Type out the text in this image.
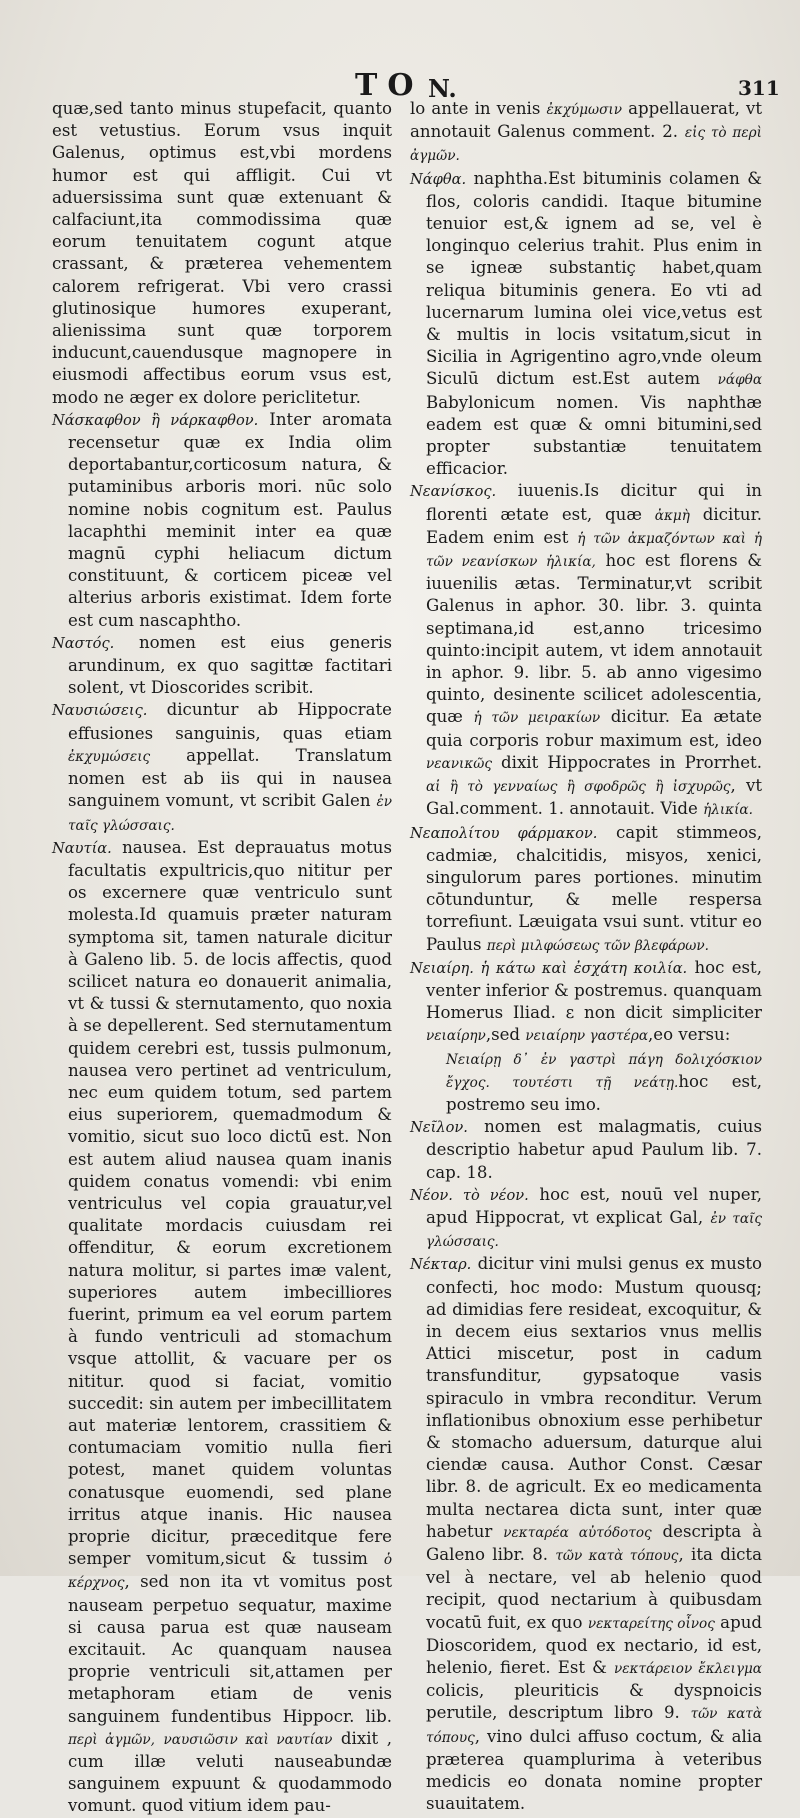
TO N.	311

quæ,sed tanto minus stupefacit, quanto est vetustius. Eorum vsus inquit Galenus, optimus est,vbi mordens humor est qui affligit. Cui vt aduersissima sunt quæ extenuant & calfaciunt,ita commodissima quæ eorum tenuitatem cogunt atque crassant, & præterea vehementem calorem refrigerat. Vbi vero crassi glutinosique humores exuperant, alienissima sunt quæ torporem inducunt,cauendusque magnopere in eiusmodi affectibus eorum vsus est, modo ne æger ex dolore periclitetur.

Νάσκαφθον ἢ νάρκαφθον. Inter aromata recensetur quæ ex India olim deportabantur,corticosum natura, & putaminibus arboris mori. nūc solo nomine nobis cognitum est. Paulus lacaphthi meminit inter ea quæ magnū cyphi heliacum dictum constituunt, & corticem piceæ vel alterius arboris existimat. Idem forte est cum nascaphtho.

Ναστός. nomen est eius generis arundinum, ex quo sagittæ factitari solent, vt Dioscorides scribit.

Ναυσιώσεις. dicuntur ab Hippocrate effusiones sanguinis, quas etiam ἐκχυμώσεις appellat. Translatum nomen est ab iis qui in nausea sanguinem vomunt, vt scribit Galen ἐν ταῖς γλώσσαις.

Ναυτία. nausea. Est deprauatus motus facultatis expultricis,quo nititur per os excernere quæ ventriculo sunt molesta.Id quamuis præter naturam symptoma sit, tamen naturale dicitur à Galeno lib. 5. de locis affectis, quod scilicet natura eo donauerit animalia, vt & tussi & sternutamento, quo noxia à se depellerent. Sed sternutamentum quidem cerebri est, tussis pulmonum, nausea vero pertinet ad ventriculum, nec eum quidem totum, sed partem eius superiorem, quemadmodum & vomitio, sicut suo loco dictū est. Non est autem aliud nausea quam inanis quidem conatus vomendi: vbi enim ventriculus vel copia grauatur,vel qualitate mordacis cuiusdam rei offenditur, & eorum excretionem natura molitur, si partes imæ valent, superiores autem imbecilliores fuerint, primum ea vel eorum partem à fundo ventriculi ad stomachum vsque attollit, & vacuare per os nititur. quod si faciat, vomitio succedit: sin autem per imbecillitatem aut materiæ lentorem, crassitiem & contumaciam vomitio nulla fieri potest, manet quidem voluntas conatusque euomendi, sed plane irritus atque inanis. Hic nausea proprie dicitur, præceditque fere semper vomitum,sicut & tussim ὁ κέρχνος, sed non ita vt vomitus post nauseam perpetuo sequatur, maxime si causa parua est quæ nauseam excitauit. Ac quanquam nausea proprie ventriculi sit,attamen per metaphoram etiam de venis sanguinem fundentibus Hippocr. lib. περὶ ἀγμῶν, ναυσιῶσιν καὶ ναυτίαν dixit , cum illæ veluti nauseabundæ sanguinem expuunt & quodammodo vomunt. quod vitium idem pau-

lo ante in venis ἐκχύμωσιν appellauerat, vt annotauit Galenus comment. 2. εἰς τὸ περὶ ἀγμῶν.

Νάφθα. naphtha.Est bituminis colamen & flos, coloris candidi. Itaque bitumine tenuior est,& ignem ad se, vel è longinquo celerius trahit. Plus enim in se igneæ substantiç habet,quam reliqua bituminis genera. Eo vti ad lucernarum lumina olei vice,vetus est & multis in locis vsitatum,sicut in Sicilia in Agrigentino agro,vnde oleum Siculū dictum est.Est autem νάφθα Babylonicum nomen. Vis naphthæ eadem est quæ & omni bitumini,sed propter substantiæ tenuitatem efficacior.

Νεανίσκος. iuuenis.Is dicitur qui in florenti ætate est, quæ ἀκμὴ dicitur. Eadem enim est ἡ τῶν ἀκμαζόντων καὶ ἡ τῶν νεανίσκων ἡλικία, hoc est florens & iuuenilis ætas. Terminatur,vt scribit Galenus in aphor. 30. libr. 3. quinta septimana,id est,anno tricesimo quinto:incipit autem, vt idem annotauit in aphor. 9. libr. 5. ab anno vigesimo quinto, desinente scilicet adolescentia, quæ ἡ τῶν μειρακίων dicitur. Ea ætate quia corporis robur maximum est, ideo νεανικῶς dixit Hippocrates in Prorrhet. αἱ ἢ τὸ γενναίως ἢ σφοδρῶς ἢ ἰσχυρῶς, vt Gal.comment. 1. annotauit. Vide ἡλικία.

Νεαπολίτου φάρμακον. capit stimmeos, cadmiæ, chalcitidis, misyos, xenici, singulorum pares portiones. minutim cōtunduntur, & melle respersa torrefiunt. Læuigata vsui sunt. vtitur eo Paulus περὶ μιλφώσεως τῶν βλεφάρων.

Νειαίρη. ἡ κάτω καὶ ἐσχάτη κοιλία. hoc est, venter inferior & postremus. quanquam Homerus Iliad. ε non dicit simpliciter νειαίρην,sed νειαίρην γαστέρα,eo versu:

Νειαίρῃ δ᾽ ἐν γαστρὶ πάγη δολιχόσκιον ἔγχος. τουτέστι τῇ νεάτῃ.hoc est, postremo seu imo.

Νεῖλον. nomen est malagmatis, cuius descriptio habetur apud Paulum lib. 7. cap. 18.

Νέον. τὸ νέον. hoc est, nouū vel nuper, apud Hippocrat, vt explicat Gal, ἐν ταῖς γλώσσαις.

Νέκταρ. dicitur vini mulsi genus ex musto confecti, hoc modo: Mustum quousq; ad dimidias fere resideat, excoquitur, & in decem eius sextarios vnus mellis Attici miscetur, post in cadum transfunditur, gypsatoque vasis spiraculo in vmbra reconditur. Verum inflationibus obnoxium esse perhibetur & stomacho aduersum, daturque alui ciendæ causa. Author Const. Cæsar libr. 8. de agricult. Ex eo medicamenta multa nectarea dicta sunt, inter quæ habetur νεκταρέα αὐτόδοτος descripta à Galeno libr. 8. τῶν κατὰ τόπους, ita dicta vel à nectare, vel ab helenio quod recipit, quod nectarium à quibusdam vocatū fuit, ex quo νεκταρείτης οἶνος apud Dioscoridem, quod ex nectario, id est, helenio, fieret. Est & νεκτάρειον ἔκλειγμα colicis, pleuriticis & dyspnoicis perutile, descriptum libro 9. τῶν κατὰ τόπους, vino dulci affuso coctum, & alia præterea quamplurima à veteribus medicis eo donata nomine propter suauitatem.
